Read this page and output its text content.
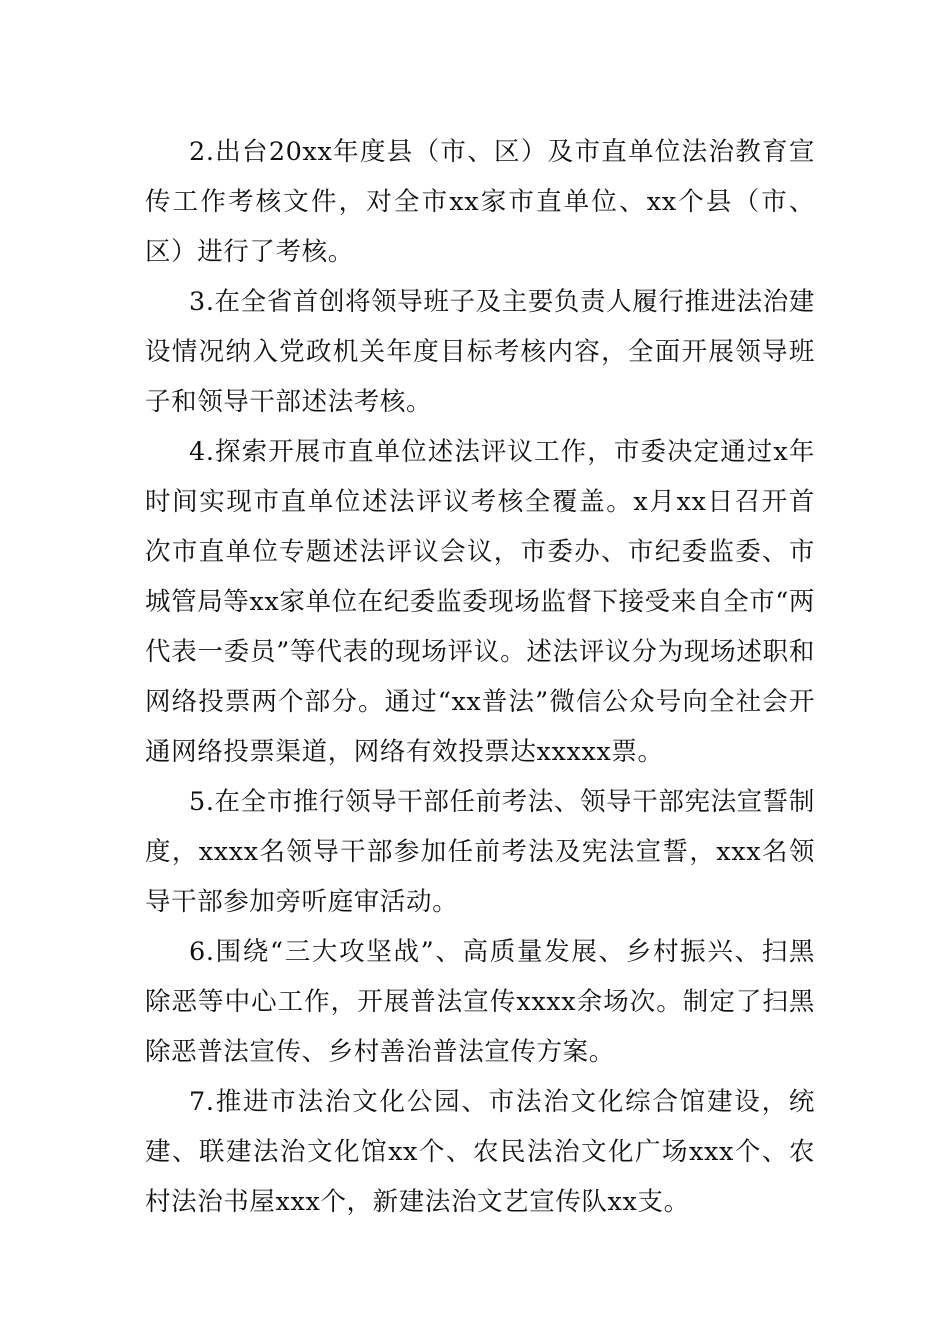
2.出台20xx年度县（市、区）及市直单位法治教育宣传工作考核文件，对全市xx家市直单位、xx个县（市、区）进行了考核。

3.在全省首创将领导班子及主要负责人履行推进法治建设情况纳入党政机关年度目标考核内容，全面开展领导班子和领导干部述法考核。

4.探索开展市直单位述法评议工作，市委决定通过x年时间实现市直单位述法评议考核全覆盖。x月xx日召开首次市直单位专题述法评议会议，市委办、市纪委监委、市城管局等xx家单位在纪委监委现场监督下接受来自全市“两代表一委员”等代表的现场评议。述法评议分为现场述职和网络投票两个部分。通过“xx普法”微信公众号向全社会开通网络投票渠道，网络有效投票达xxxxx票。

5.在全市推行领导干部任前考法、领导干部宪法宣誓制度，xxxx名领导干部参加任前考法及宪法宣誓，xxx名领导干部参加旁听庭审活动。

6.围绕“三大攻坚战”、高质量发展、乡村振兴、扫黑除恶等中心工作，开展普法宣传xxxx余场次。制定了扫黑除恶普法宣传、乡村善治普法宣传方案。

7.推进市法治文化公园、市法治文化综合馆建设，统建、联建法治文化馆xx个、农民法治文化广场xxx个、农村法治书屋xxx个，新建法治文艺宣传队xx支。
